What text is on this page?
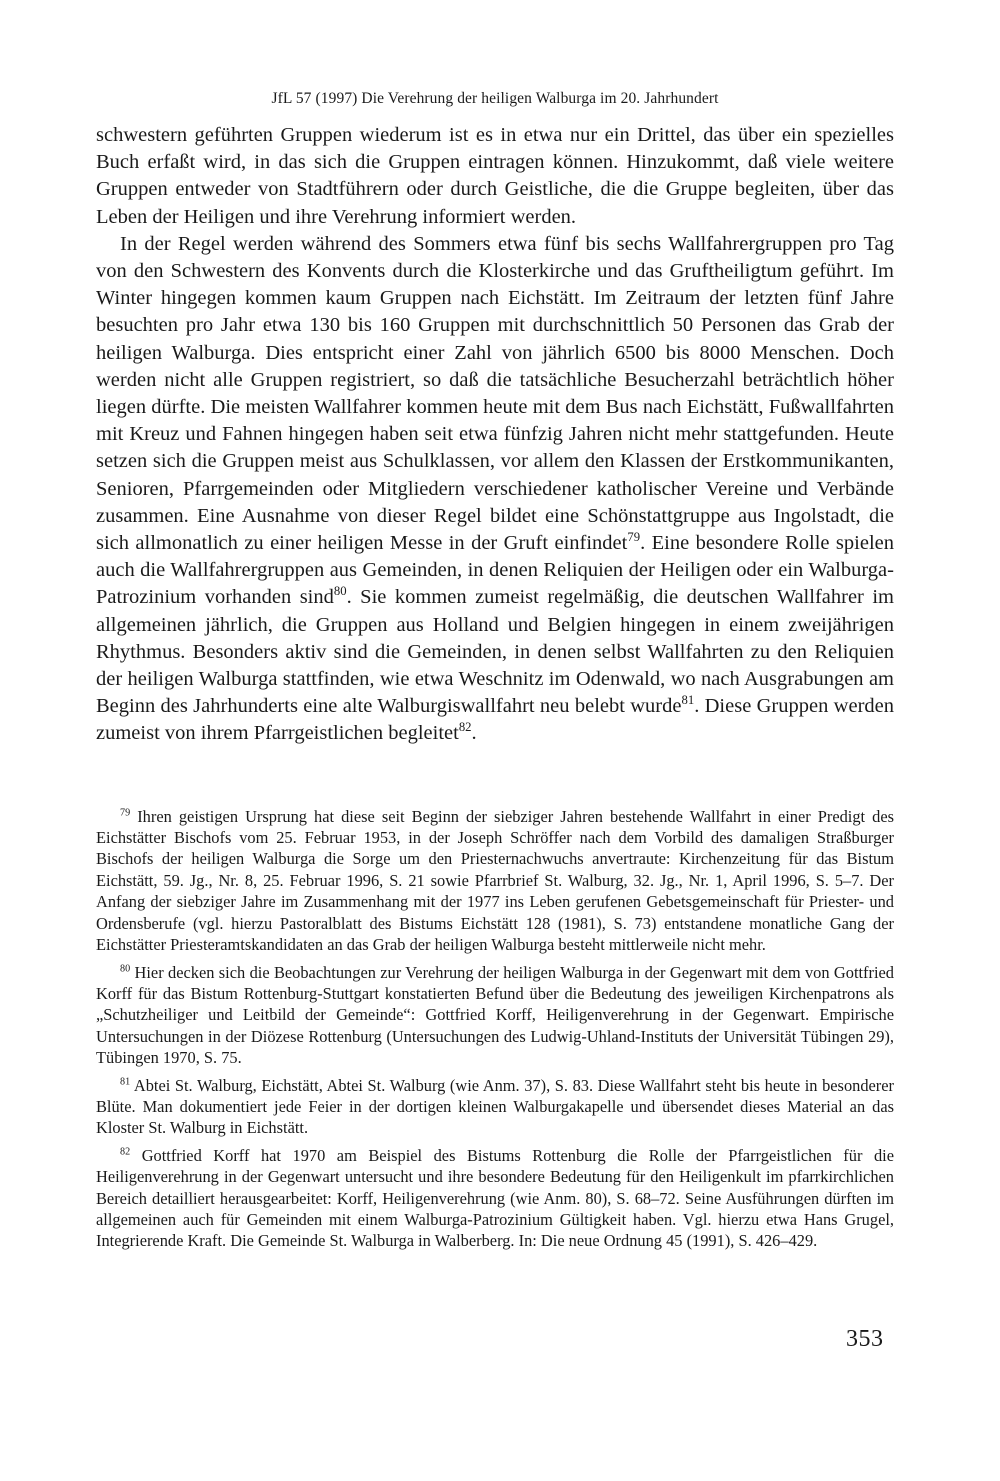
JfL 57 (1997) Die Verehrung der heiligen Walburga im 20. Jahrhundert

schwestern geführten Gruppen wiederum ist es in etwa nur ein Drittel, das über ein spezielles Buch erfaßt wird, in das sich die Gruppen eintragen können. Hinzukommt, daß viele weitere Gruppen entweder von Stadtführern oder durch Geistliche, die die Gruppe begleiten, über das Leben der Heiligen und ihre Verehrung informiert werden.

In der Regel werden während des Sommers etwa fünf bis sechs Wallfahrergruppen pro Tag von den Schwestern des Konvents durch die Klosterkirche und das Gruftheiligtum geführt. Im Winter hingegen kommen kaum Gruppen nach Eichstätt. Im Zeitraum der letzten fünf Jahre besuchten pro Jahr etwa 130 bis 160 Gruppen mit durchschnittlich 50 Personen das Grab der heiligen Walburga. Dies entspricht einer Zahl von jährlich 6500 bis 8000 Menschen. Doch werden nicht alle Gruppen registriert, so daß die tatsächliche Besucherzahl beträchtlich höher liegen dürfte. Die meisten Wallfahrer kommen heute mit dem Bus nach Eichstätt, Fußwallfahrten mit Kreuz und Fahnen hingegen haben seit etwa fünfzig Jahren nicht mehr stattgefunden. Heute setzen sich die Gruppen meist aus Schulklassen, vor allem den Klassen der Erstkommunikanten, Senioren, Pfarrgemeinden oder Mitgliedern verschiedener katholischer Vereine und Verbände zusammen. Eine Ausnahme von dieser Regel bildet eine Schönstattgruppe aus Ingolstadt, die sich allmonatlich zu einer heiligen Messe in der Gruft einfindet$^{79}$. Eine besondere Rolle spielen auch die Wallfahrergruppen aus Gemeinden, in denen Reliquien der Heiligen oder ein Walburga-Patrozinium vorhanden sind$^{80}$. Sie kommen zumeist regelmäßig, die deutschen Wallfahrer im allgemeinen jährlich, die Gruppen aus Holland und Belgien hingegen in einem zweijährigen Rhythmus. Besonders aktiv sind die Gemeinden, in denen selbst Wallfahrten zu den Reliquien der heiligen Walburga stattfinden, wie etwa Weschnitz im Odenwald, wo nach Ausgrabungen am Beginn des Jahrhunderts eine alte Walburgiswallfahrt neu belebt wurde$^{81}$. Diese Gruppen werden zumeist von ihrem Pfarrgeistlichen begleitet$^{82}$.

$^{79}$ Ihren geistigen Ursprung hat diese seit Beginn der siebziger Jahren bestehende Wallfahrt in einer Predigt des Eichstätter Bischofs vom 25. Februar 1953, in der Joseph Schröffer nach dem Vorbild des damaligen Straßburger Bischofs der heiligen Walburga die Sorge um den Priesternachwuchs anvertraute: Kirchenzeitung für das Bistum Eichstätt, 59. Jg., Nr. 8, 25. Februar 1996, S. 21 sowie Pfarrbrief St. Walburg, 32. Jg., Nr. 1, April 1996, S. 5–7. Der Anfang der siebziger Jahre im Zusammenhang mit der 1977 ins Leben gerufenen Gebetsgemeinschaft für Priester- und Ordensberufe (vgl. hierzu Pastoralblatt des Bistums Eichstätt 128 (1981), S. 73) entstandene monatliche Gang der Eichstätter Priesteramtskandidaten an das Grab der heiligen Walburga besteht mittlerweile nicht mehr.

$^{80}$ Hier decken sich die Beobachtungen zur Verehrung der heiligen Walburga in der Gegenwart mit dem von Gottfried Korff für das Bistum Rottenburg-Stuttgart konstatierten Befund über die Bedeutung des jeweiligen Kirchenpatrons als „Schutzheiliger und Leitbild der Gemeinde“: Gottfried Korff, Heiligenverehrung in der Gegenwart. Empirische Untersuchungen in der Diözese Rottenburg (Untersuchungen des Ludwig-Uhland-Instituts der Universität Tübingen 29), Tübingen 1970, S. 75.

$^{81}$ Abtei St. Walburg, Eichstätt, Abtei St. Walburg (wie Anm. 37), S. 83. Diese Wallfahrt steht bis heute in besonderer Blüte. Man dokumentiert jede Feier in der dortigen kleinen Walburgakapelle und übersendet dieses Material an das Kloster St. Walburg in Eichstätt.

$^{82}$ Gottfried Korff hat 1970 am Beispiel des Bistums Rottenburg die Rolle der Pfarrgeistlichen für die Heiligenverehrung in der Gegenwart untersucht und ihre besondere Bedeutung für den Heiligenkult im pfarrkirchlichen Bereich detailliert herausgearbeitet: Korff, Heiligenverehrung (wie Anm. 80), S. 68–72. Seine Ausführungen dürften im allgemeinen auch für Gemeinden mit einem Walburga-Patrozinium Gültigkeit haben. Vgl. hierzu etwa Hans Grugel, Integrierende Kraft. Die Gemeinde St. Walburga in Walberberg. In: Die neue Ordnung 45 (1991), S. 426–429.

353
